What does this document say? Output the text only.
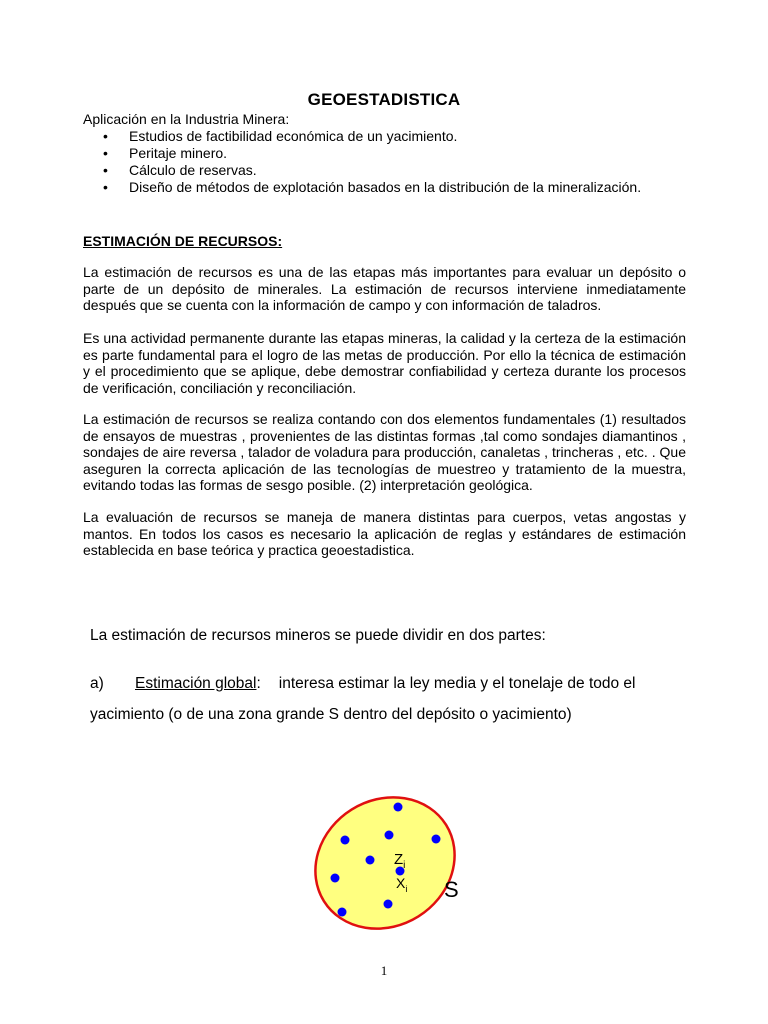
GEOESTADISTICA
Aplicación en la Industria Minera:
• Estudios de factibilidad económica de un yacimiento.
• Peritaje minero.
• Cálculo de reservas.
• Diseño de métodos de explotación basados en la distribución de la mineralización.
ESTIMACIÓN DE RECURSOS:
La estimación de recursos es una de las etapas más importantes para evaluar un depósito o parte de un depósito de minerales. La estimación de recursos interviene inmediatamente después que se cuenta con la información de campo y con información de taladros.
Es una actividad permanente durante las etapas mineras, la calidad y la certeza de la estimación es parte fundamental para el logro de las metas de producción. Por ello la técnica de estimación y el procedimiento que se aplique, debe demostrar confiabilidad y certeza durante los procesos de verificación, conciliación y reconciliación.
La estimación de recursos se realiza contando con dos elementos fundamentales (1) resultados de ensayos de muestras , provenientes de las distintas formas ,tal como sondajes diamantinos , sondajes de aire reversa , talador de voladura para producción, canaletas , trincheras , etc. . Que aseguren la correcta aplicación de las tecnologías de muestreo y tratamiento de la muestra, evitando todas las formas de sesgo posible. (2) interpretación geológica.
La evaluación de recursos se maneja de manera distintas para cuerpos, vetas angostas y mantos. En todos los casos es necesario la aplicación de reglas y estándares de estimación establecida en base teórica y practica geoestadistica.
La estimación de recursos mineros se puede dividir en dos partes:
a) Estimación global: interesa estimar la ley media y el tonelaje de todo el
yacimiento (o de una zona grande S dentro del depósito o yacimiento)
$Z_i$
$X_i$ S
1
